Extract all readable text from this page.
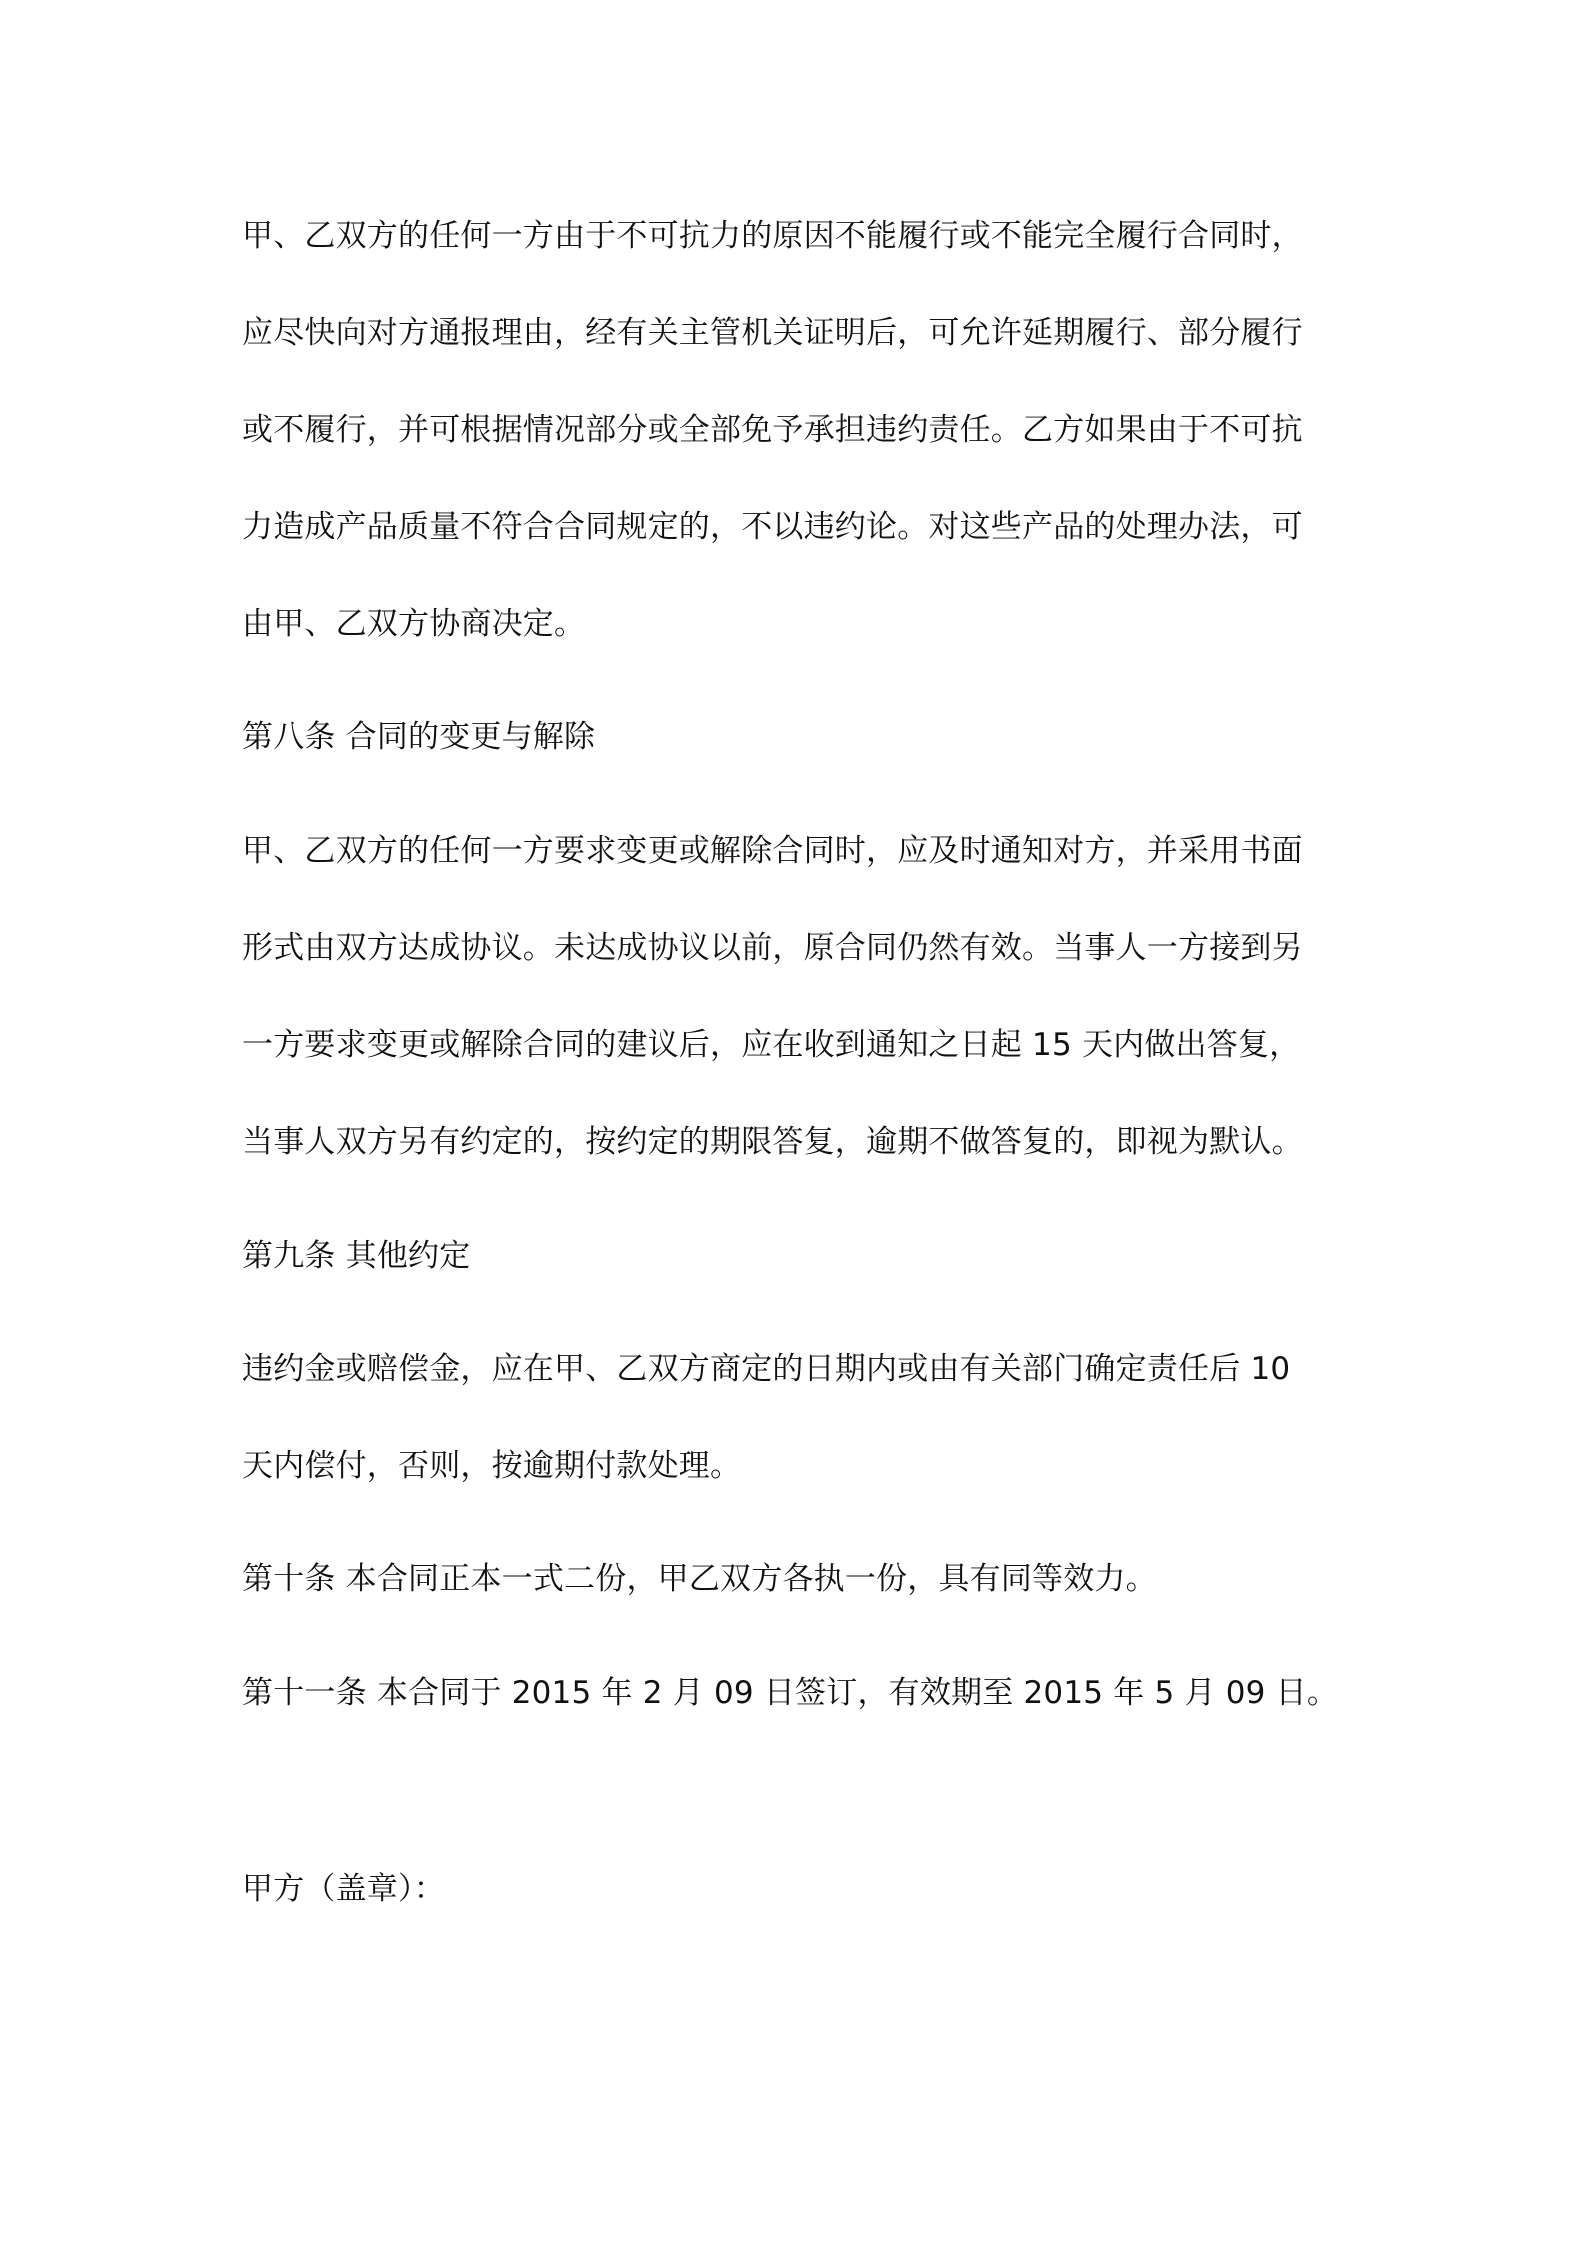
甲、乙双方的任何一方由于不可抗力的原因不能履行或不能完全履行合同时，
应尽快向对方通报理由，经有关主管机关证明后，可允许延期履行、部分履行
或不履行，并可根据情况部分或全部免予承担违约责任。乙方如果由于不可抗
力造成产品质量不符合合同规定的，不以违约论。对这些产品的处理办法，可
由甲、乙双方协商决定。
第八条 合同的变更与解除
甲、乙双方的任何一方要求变更或解除合同时，应及时通知对方，并采用书面
形式由双方达成协议。未达成协议以前，原合同仍然有效。当事人一方接到另
一方要求变更或解除合同的建议后，应在收到通知之日起 15 天内做出答复，
当事人双方另有约定的，按约定的期限答复，逾期不做答复的，即视为默认。
第九条 其他约定
违约金或赔偿金，应在甲、乙双方商定的日期内或由有关部门确定责任后 10
天内偿付，否则，按逾期付款处理。
第十条 本合同正本一式二份，甲乙双方各执一份，具有同等效力。
第十一条 本合同于 2015 年 2 月 09 日签订，有效期至 2015 年 5 月 09 日。
甲方（盖章）：
